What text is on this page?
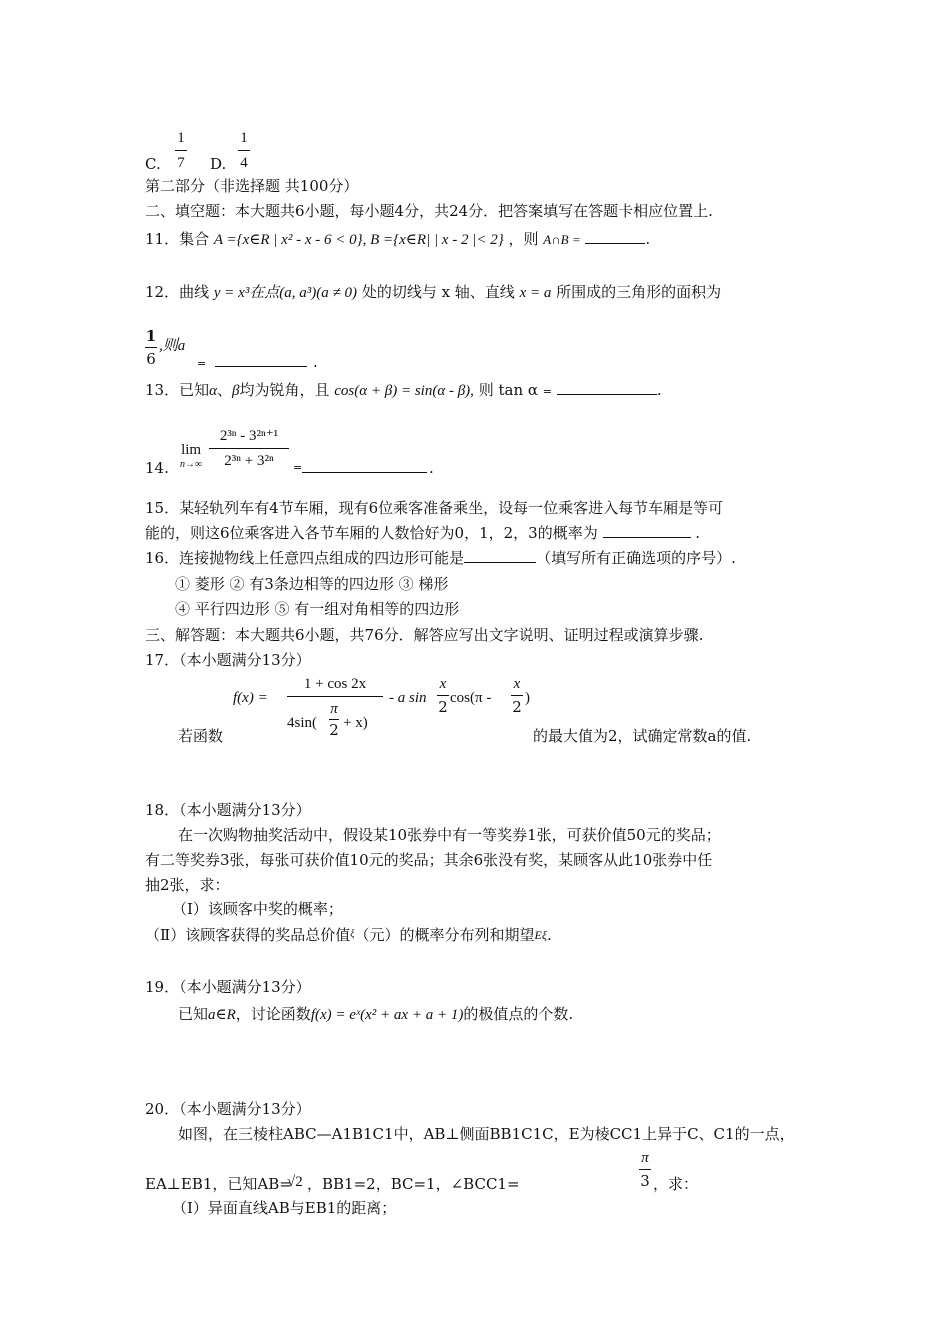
C.
1
7 D.
1
4
第二部分（非选择题 共100分）
二、填空题：本大题共6小题，每小题4分，共24分．把答案填写在答题卡相应位置上.
11．集合 A ={x∈R | x² - x - 6 < 0}, B ={x∈R| | x - 2 |< 2} ，则 A∩B =	.
12．曲线 y = x³在点(a, a³)(a ≠ 0) 处的切线与 x 轴、直线 x = a 所围成的三角形的面积为
1
6
,则a
=	.
13．已知α、β均为锐角，且 cos(α + β) = sin(α - β), 则 tan α =	.
14.
lim
n→∞
2³ⁿ - 3²ⁿ⁺¹
2³ⁿ + 3²ⁿ	=	.
15．某轻轨列车有4节车厢，现有6位乘客准备乘坐，设每一位乘客进入每节车厢是等可
能的，则这6位乘客进入各节车厢的人数恰好为0，1，2，3的概率为	.
16．连接抛物线上任意四点组成的四边形可能是	（填写所有正确选项的序号）.
① 菱形 ② 有3条边相等的四边形 ③ 梯形
④ 平行四边形 ⑤ 有一组对角相等的四边形
三、解答题：本大题共6小题，共76分．解答应写出文字说明、证明过程或演算步骤.
17．（本小题满分13分）
若函数
f(x) =
1 + cos 2x
4sin(
π
2 + x)
- a sin
x
2 cos(π -
x
2 )
的最大值为2，试确定常数a的值.
18．（本小题满分13分）
在一次购物抽奖活动中，假设某10张券中有一等奖券1张，可获价值50元的奖品；
有二等奖券3张，每张可获价值10元的奖品；其余6张没有奖，某顾客从此10张券中任
抽2张，求：
（Ⅰ）该顾客中奖的概率；
（Ⅱ）该顾客获得的奖品总价值$^\xi$（元）的概率分布列和期望$^{E\xi}$.
19．（本小题满分13分）
已知a∈R，讨论函数f(x) = eˣ(x² + ax + a + 1)的极值点的个数.
20．（本小题满分13分）
如图，在三棱柱ABC—A1B1C1中，AB⊥侧面BB1C1C，E为棱CC1上异于C、C1的一点，
EA⊥EB1，已知AB=
√2 ，BB1=2，BC=1，∠BCC1=
π
3 ，求：
（Ⅰ）异面直线AB与EB1的距离；
